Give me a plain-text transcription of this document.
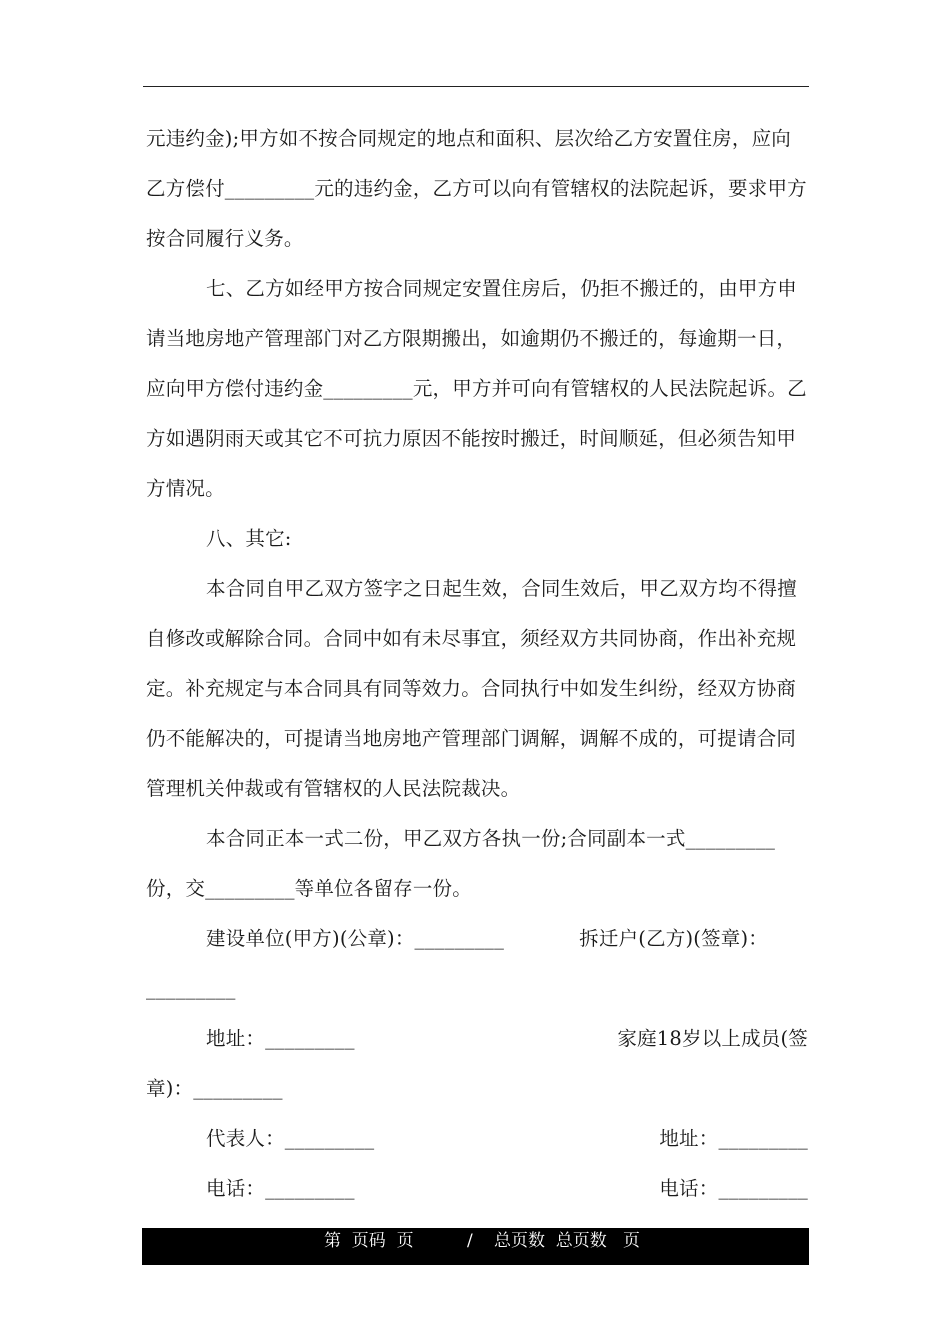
元违约金);甲方如不按合同规定的地点和面积、层次给乙方安置住房，应向乙方偿付_________元的违约金，乙方可以向有管辖权的法院起诉，要求甲方按合同履行义务。

七、乙方如经甲方按合同规定安置住房后，仍拒不搬迁的，由甲方申请当地房地产管理部门对乙方限期搬出，如逾期仍不搬迁的，每逾期一日，应向甲方偿付违约金_________元，甲方并可向有管辖权的人民法院起诉。乙方如遇阴雨天或其它不可抗力原因不能按时搬迁，时间顺延，但必须告知甲方情况。

八、其它:

本合同自甲乙双方签字之日起生效，合同生效后，甲乙双方均不得擅自修改或解除合同。合同中如有未尽事宜，须经双方共同协商，作出补充规定。补充规定与本合同具有同等效力。合同执行中如发生纠纷，经双方协商仍不能解决的，可提请当地房地产管理部门调解，调解不成的，可提请合同管理机关仲裁或有管辖权的人民法院裁决。

本合同正本一式二份，甲乙双方各执一份;合同副本一式_________份，交_________等单位各留存一份。

建设单位(甲方)(公章)：_________	拆迁户(乙方)(签章)：
_________
地址：_________	家庭18岁以上成员(签
章)：_________
代表人：_________	地址：_________
电话：_________	电话：_________
第  页码  页	/ 总页数  总页数   页
